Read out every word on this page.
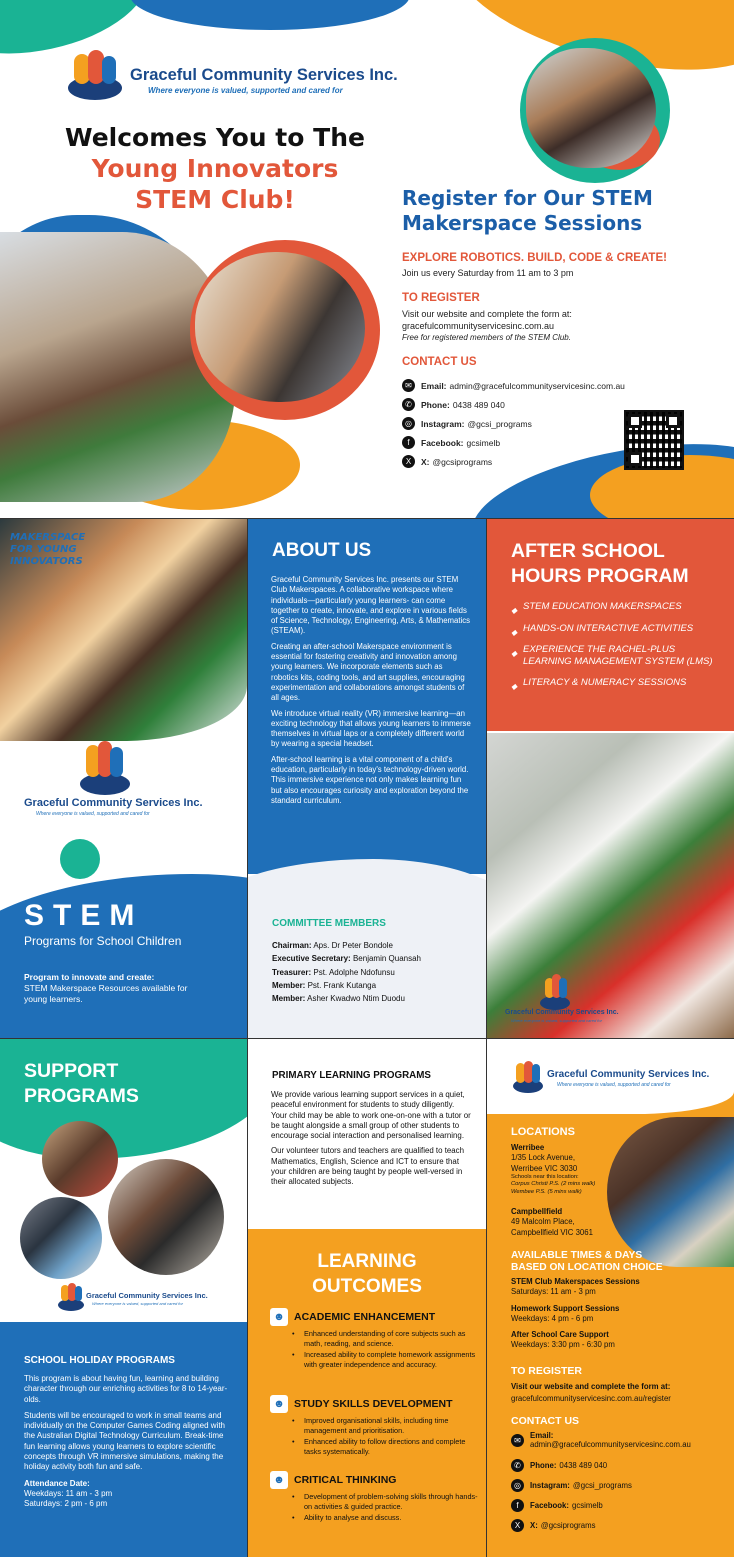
Graceful Community Services Inc.
Where everyone is valued, supported and cared for
Welcomes You to The
Young Innovators
STEM Club!	Register for Our STEM
Makerspace Sessions
EXPLORE ROBOTICS. BUILD, CODE & CREATE!
Join us every Saturday from 11 am to 3 pm
TO REGISTER
Visit our website and complete the form at:
gracefulcommunityservicesinc.com.au
Free for registered members of the STEM Club.
CONTACT US
✉	Email: admin@gracefulcommunityservicesinc.com.au
✆	Phone: 0438 489 040
◎	Instagram: @gcsi_programs
f	Facebook: gcsimelb
X	X: @gcsiprograms
MAKERSPACE
FOR YOUNG
INNOVATORS
Graceful Community Services Inc.
Where everyone is valued, supported and cared for
STEM
Programs for School Children
Program to innovate and create:
STEM Makerspace Resources available for young learners.
ABOUT US

Graceful Community Services Inc. presents our STEM Club Makerspaces. A collaborative workspace where individuals—particularly young learners- can come together to create, innovate, and explore in various fields of Science, Technology, Engineering, Arts, & Mathematics (STEAM).

Creating an after-school Makerspace environment is essential for fostering creativity and innovation among young learners. We incorporate elements such as robotics kits, coding tools, and art supplies, encouraging experimentation and collaborations amongst students of all ages.

We introduce virtual reality (VR) immersive learning—an exciting technology that allows young learners to immerse themselves in virtual laps or a completely different world by wearing a special headset.

After-school learning is a vital component of a child's education, particularly in today's technology-driven world. This immersive experience not only makes learning fun but also encourages curiosity and exploration beyond the standard curriculum.

COMMITTEE MEMBERS
Chairman: Aps. Dr Peter Bondole
Executive Secretary: Benjamin Quansah
Treasurer: Pst. Adolphe Ndofunsu
Member: Pst. Frank Kutanga
Member: Asher Kwadwo Ntim Duodu
AFTER SCHOOL
HOURS PROGRAM
◆ STEM EDUCATION MAKERSPACES
◆ HANDS-ON INTERACTIVE ACTIVITIES
◆ EXPERIENCE THE RACHEL-PLUS LEARNING MANAGEMENT SYSTEM (LMS)
◆ LITERACY & NUMERACY SESSIONS
Graceful Community Services Inc.
Where everyone is valued, supported and cared for
SUPPORT
PROGRAMS
Graceful Community Services Inc.
Where everyone is valued, supported and cared for
SCHOOL HOLIDAY PROGRAMS

This program is about having fun, learning and building character through our enriching activities for 8 to 14-year-olds.

Students will be encouraged to work in small teams and individually on the Computer Games Coding aligned with the Australian Digital Technology Curriculum. Break-time fun learning allows young learners to explore scientific concepts through VR immersive simulations, making the holiday activity both fun and safe.

Attendance Date:

Weekdays: 11 am - 3 pm

Saturdays: 2 pm - 6 pm

PRIMARY LEARNING PROGRAMS

We provide various learning support services in a quiet, peaceful environment for students to study diligently. Your child may be able to work one-on-one with a tutor or be taught alongside a small group of other students to encourage social interaction and personalised learning.

Our volunteer tutors and teachers are qualified to teach Mathematics, English, Science and ICT to ensure that your children are being taught by people well-versed in their allocated subjects.

LEARNING
OUTCOMES
☻ ACADEMIC ENHANCEMENT
• Enhanced understanding of core subjects such as math, reading, and science.
• Increased ability to complete homework assignments with greater independence and accuracy.
☻ STUDY SKILLS DEVELOPMENT
• Improved organisational skills, including time management and prioritisation.
• Enhanced ability to follow directions and complete tasks systematically.
☻ CRITICAL THINKING
• Development of problem-solving skills through hands-on activities & guided practice.
• Ability to analyse and discuss.
Graceful Community Services Inc.
Where everyone is valued, supported and cared for
LOCATIONS
Werribee
1/35 Lock Avenue,
Werribee VIC 3030
Schools near this location:
Corpus Christi P.S. (2 mins walk)
Wembee P.S. (5 mins walk)
Campbellfield
49 Malcolm Place,
Campbellfield VIC 3061
AVAILABLE TIMES & DAYS
BASED ON LOCATION CHOICE
STEM Club Makerspaces Sessions
Saturdays: 11 am - 3 pm
Homework Support Sessions
Weekdays: 4 pm - 6 pm
After School Care Support
Weekdays: 3:30 pm - 6:30 pm
TO REGISTER
Visit our website and complete the form at:
gracefulcommunityservicesinc.com.au/register
CONTACT US
✉	Email:
admin@gracefulcommunityservicesinc.com.au
✆	Phone: 0438 489 040
◎	Instagram: @gcsi_programs
f	Facebook: gcsimelb
X	X: @gcsiprograms
